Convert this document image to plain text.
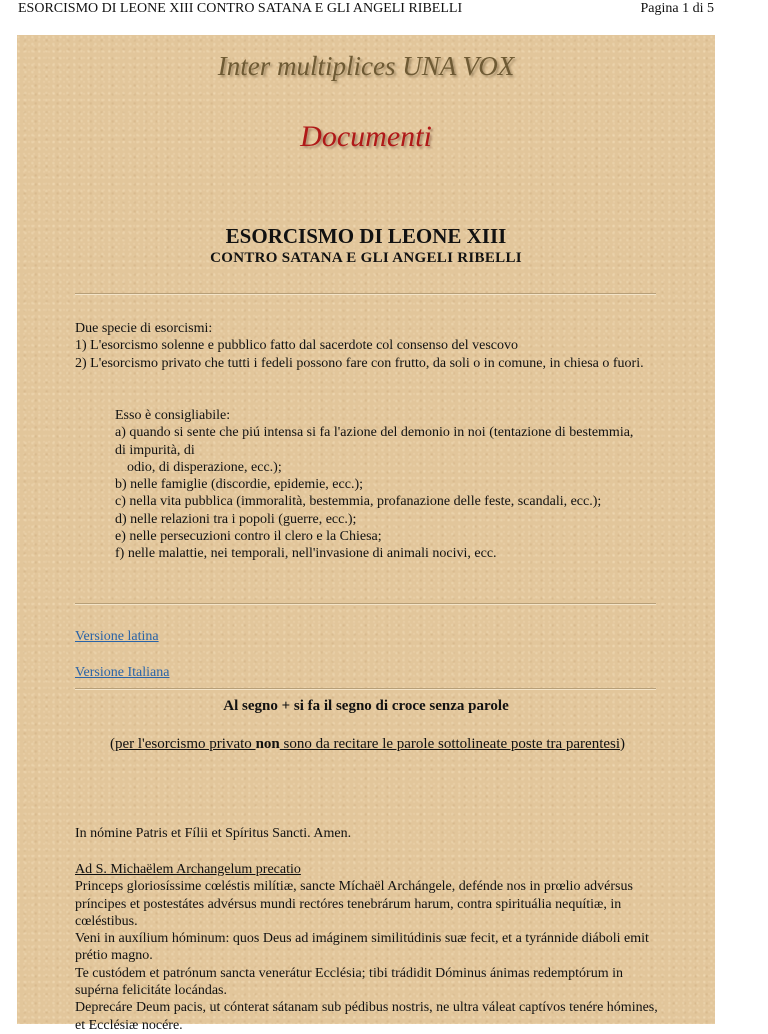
ESORCISMO DI LEONE XIII CONTRO SATANA E GLI ANGELI RIBELLI	Pagina 1 di 5
Inter multiplices UNA VOX
Documenti
ESORCISMO DI LEONE XIII
CONTRO SATANA E GLI ANGELI RIBELLI
Due specie di esorcismi:
1) L'esorcismo solenne e pubblico fatto dal sacerdote col consenso del vescovo
2) L'esorcismo privato che tutti i fedeli possono fare con frutto, da soli o in comune, in chiesa o fuori.
Esso è consigliabile:
a) quando si sente che piú intensa si fa l'azione del demonio in noi (tentazione di bestemmia, di impurità, di
odio, di disperazione, ecc.);
b) nelle famiglie (discordie, epidemie, ecc.);
c) nella vita pubblica (immoralità, bestemmia, profanazione delle feste, scandali, ecc.);
d) nelle relazioni tra i popoli (guerre, ecc.);
e) nelle persecuzioni contro il clero e la Chiesa;
f) nelle malattie, nei temporali, nell'invasione di animali nocivi, ecc.
Versione latina
Versione Italiana
Al segno + si fa il segno di croce senza parole
(per l'esorcismo privato non sono da recitare le parole sottolineate poste tra parentesi)
In nómine Patris et Fílii et Spíritus Sancti. Amen.
Ad S. Michaëlem Archangelum precatio
Princeps gloriosíssime cœléstis milítiæ, sancte Míchaël Archángele, defénde nos in prœlio advérsus príncipes et postestátes advérsus mundi rectóres tenebrárum harum, contra spirituália nequítiæ, in cœléstibus.
Veni in auxílium hóminum: quos Deus ad imáginem similitúdinis suæ fecit, et a tyránnide diáboli emit prétio magno.
Te custódem et patrónum sancta venerátur Ecclésia; tibi trádidit Dóminus ánimas redemptórum in supérna felicitáte locándas.
Deprecáre Deum pacis, ut cónterat sátanam sub pédibus nostris, ne ultra váleat captívos tenére hómines, et Ecclésiæ nocére.
